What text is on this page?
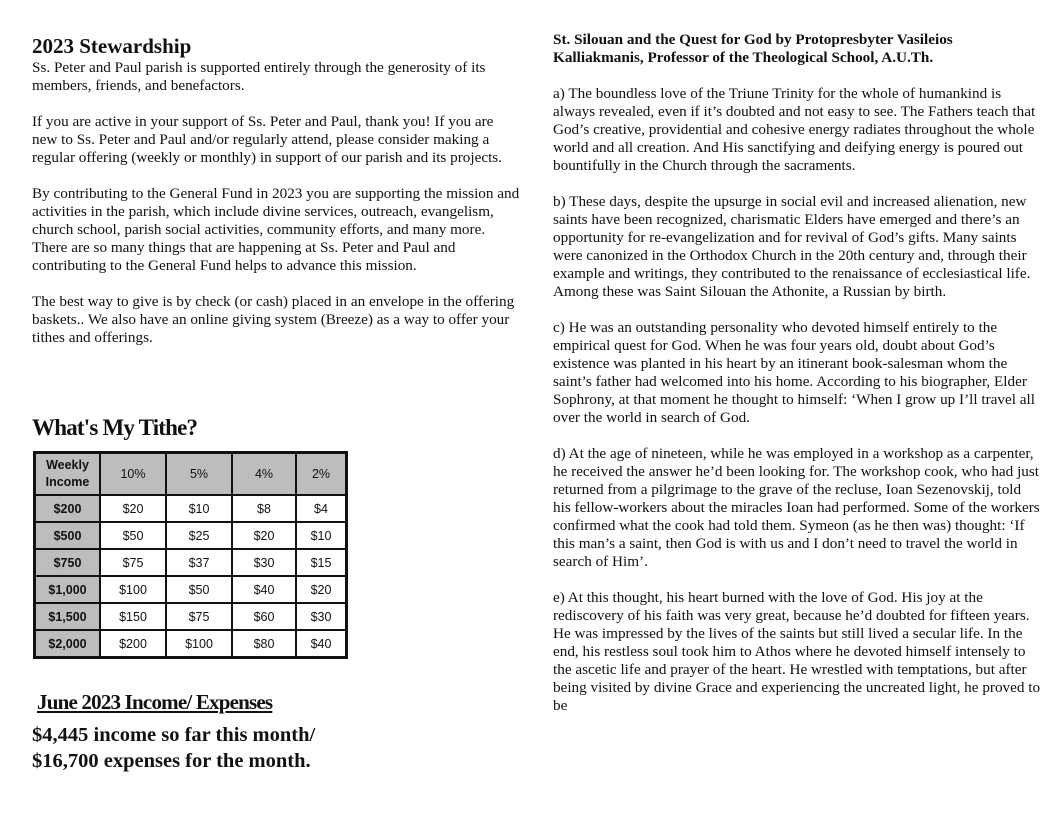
2023 Stewardship

Ss. Peter and Paul parish is supported entirely through the generosity of its members, friends, and benefactors.

If you are active in your support of Ss. Peter and Paul, thank you! If you are new to Ss. Peter and Paul and/or regularly attend, please consider making a regular offering (weekly or monthly) in support of our parish and its projects.

By contributing to the General Fund in 2023 you are supporting the mission and activities in the parish, which include divine services, outreach, evangelism, church school, parish social activities, community efforts, and many more. There are so many things that are happening at Ss. Peter and Paul and contributing to the General Fund helps to advance this mission.

The best way to give is by check (or cash) placed in an envelope in the offering baskets.. We also have an online giving system (Breeze) as a way to offer your tithes and offerings.

What's My Tithe?
Weekly Income	10%	5%	4%	2%
$200	$20	$10	$8	$4
$500	$50	$25	$20	$10
$750	$75	$37	$30	$15
$1,000	$100	$50	$40	$20
$1,500	$150	$75	$60	$30
$2,000	$200	$100	$80	$40
June 2023 Income/ Expenses
$4,445 income so far this month/
$16,700 expenses for the month.
St. Silouan and the Quest for God by Protopresbyter Vasileios Kalliakmanis, Professor of the Theological School, A.U.Th.

a) The boundless love of the Triune Trinity for the whole of humankind is always revealed, even if it’s doubted and not easy to see. The Fathers teach that God’s creative, providential and cohesive energy radiates throughout the whole world and all creation. And His sanctifying and deifying energy is poured out bountifully in the Church through the sacraments.

b) These days, despite the upsurge in social evil and increased alienation, new saints have been recognized, charismatic Elders have emerged and there’s an opportunity for re-evangelization and for revival of God’s gifts. Many saints were canonized in the Orthodox Church in the 20th century and, through their example and writings, they contributed to the renaissance of ecclesiastical life. Among these was Saint Silouan the Athonite, a Russian by birth.

c) He was an outstanding personality who devoted himself entirely to the empirical quest for God. When he was four years old, doubt about God’s existence was planted in his heart by an itinerant book-salesman whom the saint’s father had welcomed into his home. According to his biographer, Elder Sophrony, at that moment he thought to himself: ‘When I grow up I’ll travel all over the world in search of God.

d) At the age of nineteen, while he was employed in a workshop as a carpenter, he received the answer he’d been looking for. The workshop cook, who had just returned from a pilgrimage to the grave of the recluse, Ioan Sezenovskij, told his fellow-workers about the miracles Ioan had performed. Some of the workers confirmed what the cook had told them. Symeon (as he then was) thought: ‘If this man’s a saint, then God is with us and I don’t need to travel the world in search of Him’.

e) At this thought, his heart burned with the love of God. His joy at the rediscovery of his faith was very great, because he’d doubted for fifteen years. He was impressed by the lives of the saints but still lived a secular life. In the end, his restless soul took him to Athos where he devoted himself intensely to the ascetic life and prayer of the heart. He wrestled with temptations, but after being visited by divine Grace and experiencing the uncreated light, he proved to be
